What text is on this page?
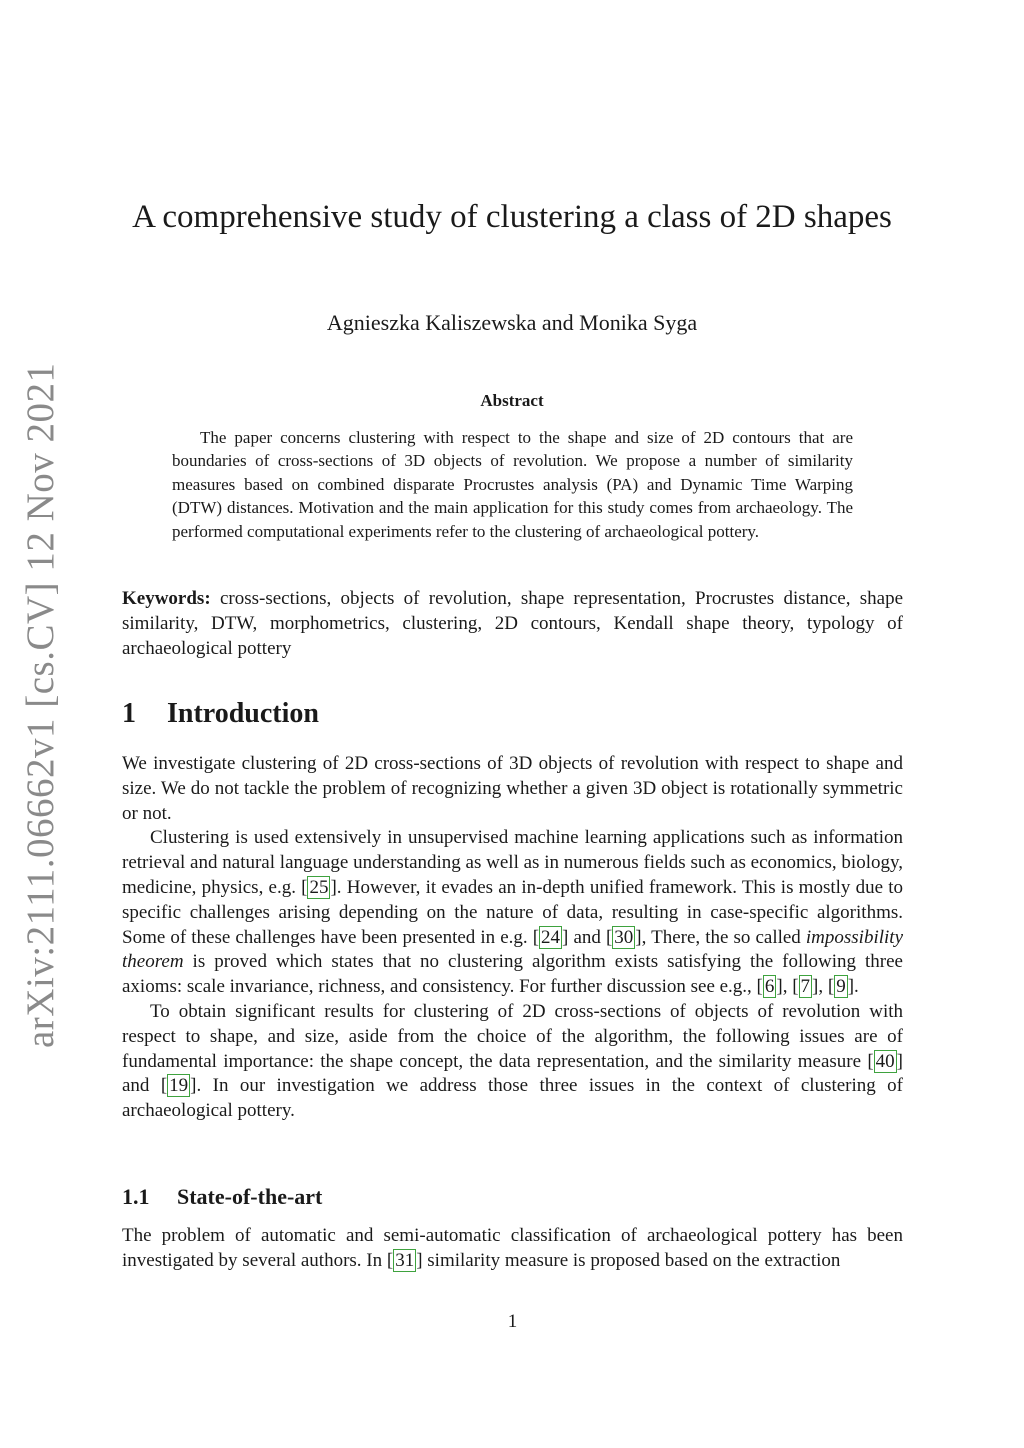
arXiv:2111.06662v1 [cs.CV] 12 Nov 2021
A comprehensive study of clustering a class of 2D shapes
Agnieszka Kaliszewska and Monika Syga
Abstract
The paper concerns clustering with respect to the shape and size of 2D contours that are boundaries of cross-sections of 3D objects of revolution. We propose a number of similarity measures based on combined disparate Procrustes analysis (PA) and Dynamic Time Warping (DTW) distances. Motivation and the main application for this study comes from archaeology. The performed computational experiments refer to the clustering of archaeological pottery.
Keywords: cross-sections, objects of revolution, shape representation, Procrustes distance, shape similarity, DTW, morphometrics, clustering, 2D contours, Kendall shape theory, typology of archaeological pottery
1 Introduction

We investigate clustering of 2D cross-sections of 3D objects of revolution with respect to shape and size. We do not tackle the problem of recognizing whether a given 3D object is rotationally symmetric or not.

Clustering is used extensively in unsupervised machine learning applications such as information retrieval and natural language understanding as well as in numerous fields such as economics, biology, medicine, physics, e.g. [ 25 ]. However, it evades an in-depth unified framework. This is mostly due to specific challenges arising depending on the nature of data, resulting in case-specific algorithms. Some of these challenges have been presented in e.g. [ 24 ] and [ 30 ], There, the so called impossibility theorem is proved which states that no clustering algorithm exists satisfying the following three axioms: scale invariance, richness, and consistency. For further discussion see e.g., [ 6 ], [ 7 ], [ 9 ].

To obtain significant results for clustering of 2D cross-sections of objects of revolution with respect to shape, and size, aside from the choice of the algorithm, the following issues are of fundamental importance: the shape concept, the data representation, and the similarity measure [ 40 ] and [ 19 ]. In our investigation we address those three issues in the context of clustering of archaeological pottery.

1.1 State-of-the-art

The problem of automatic and semi-automatic classification of archaeological pottery has been investigated by several authors. In [ 31 ] similarity measure is proposed based on the extraction

1
